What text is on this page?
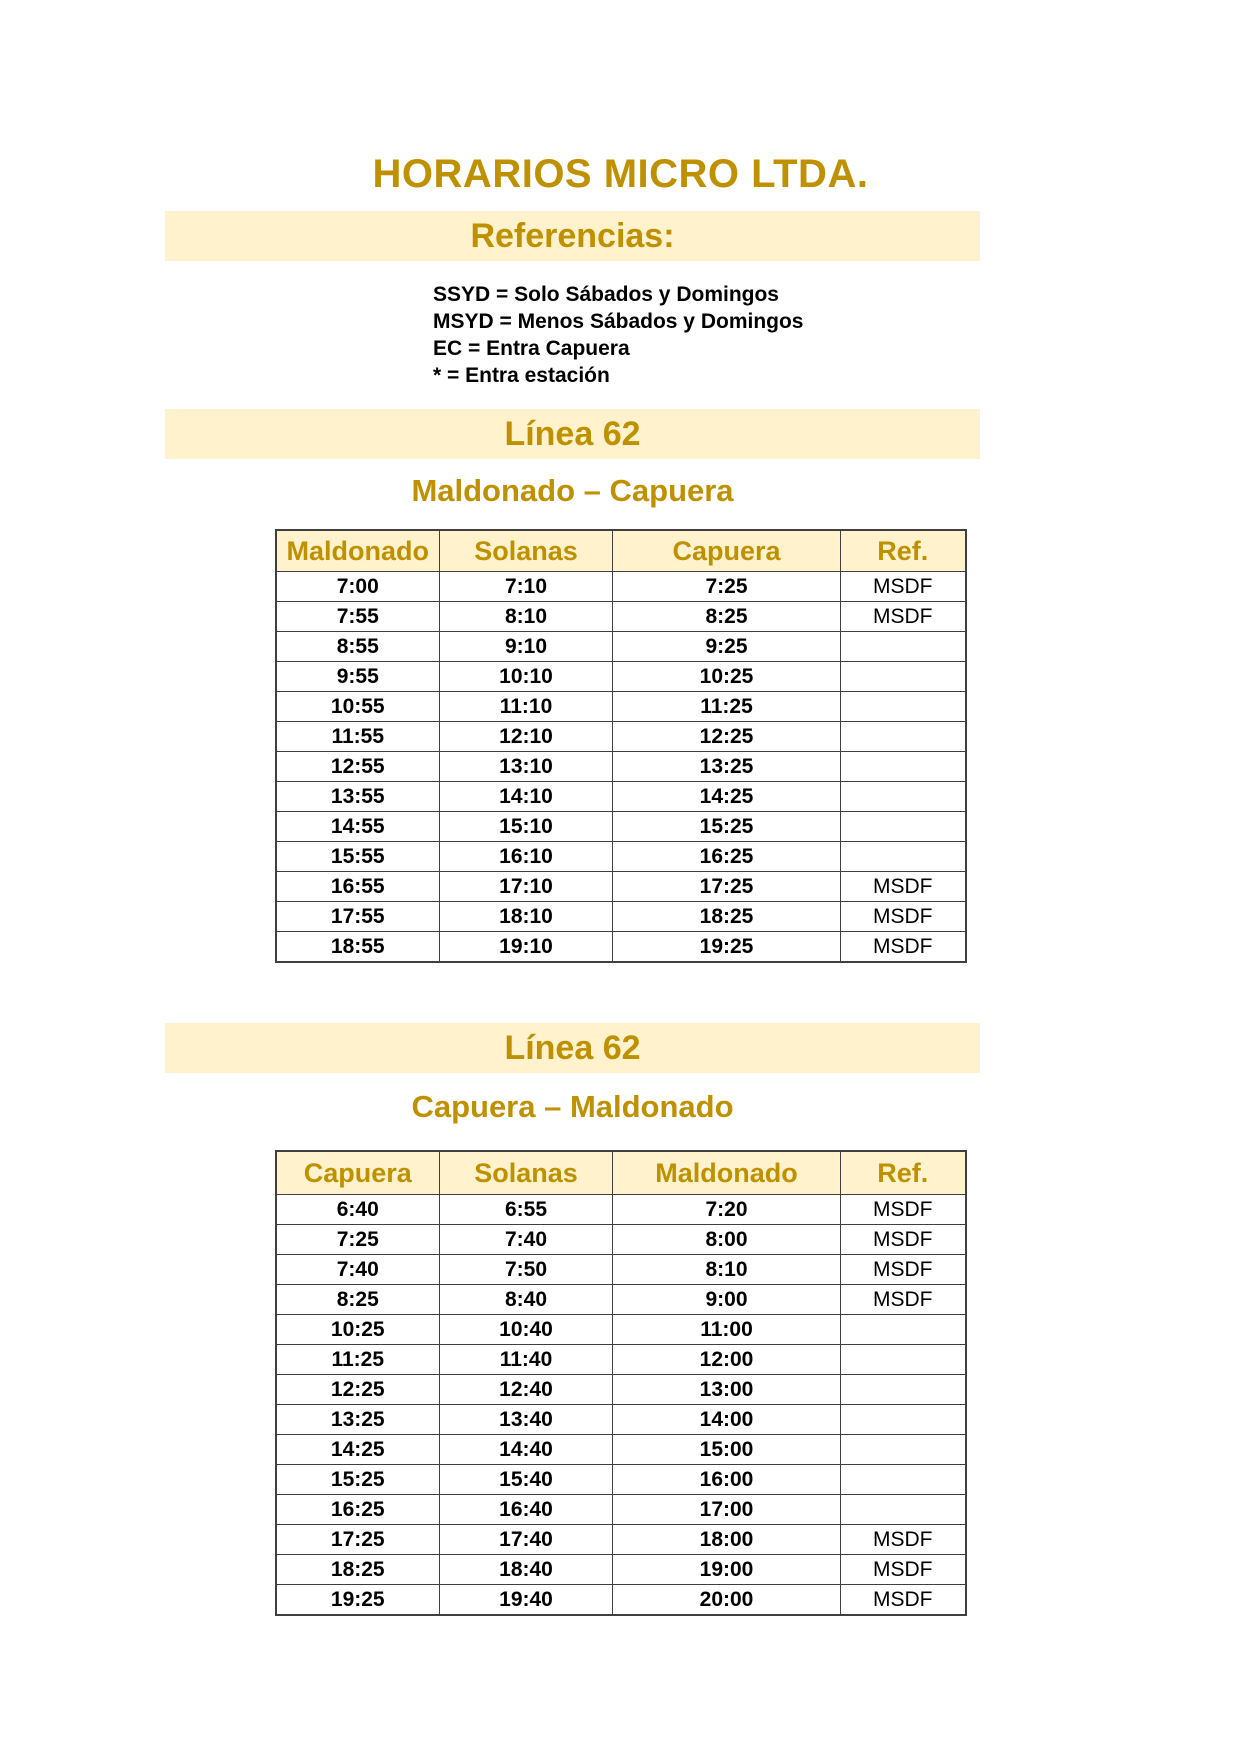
HORARIOS MICRO LTDA.
Referencias:
SSYD = Solo Sábados y Domingos
MSYD = Menos Sábados y Domingos
EC = Entra Capuera
* = Entra estación
Línea 62
Maldonado – Capuera
Maldonado	Solanas	Capuera	Ref.
7:00	7:10	7:25	MSDF
7:55	8:10	8:25	MSDF
8:55	9:10	9:25	
9:55	10:10	10:25	
10:55	11:10	11:25	
11:55	12:10	12:25	
12:55	13:10	13:25	
13:55	14:10	14:25	
14:55	15:10	15:25	
15:55	16:10	16:25	
16:55	17:10	17:25	MSDF
17:55	18:10	18:25	MSDF
18:55	19:10	19:25	MSDF
Línea 62
Capuera – Maldonado
Capuera	Solanas	Maldonado	Ref.
6:40	6:55	7:20	MSDF
7:25	7:40	8:00	MSDF
7:40	7:50	8:10	MSDF
8:25	8:40	9:00	MSDF
10:25	10:40	11:00	
11:25	11:40	12:00	
12:25	12:40	13:00	
13:25	13:40	14:00	
14:25	14:40	15:00	
15:25	15:40	16:00	
16:25	16:40	17:00	
17:25	17:40	18:00	MSDF
18:25	18:40	19:00	MSDF
19:25	19:40	20:00	MSDF
